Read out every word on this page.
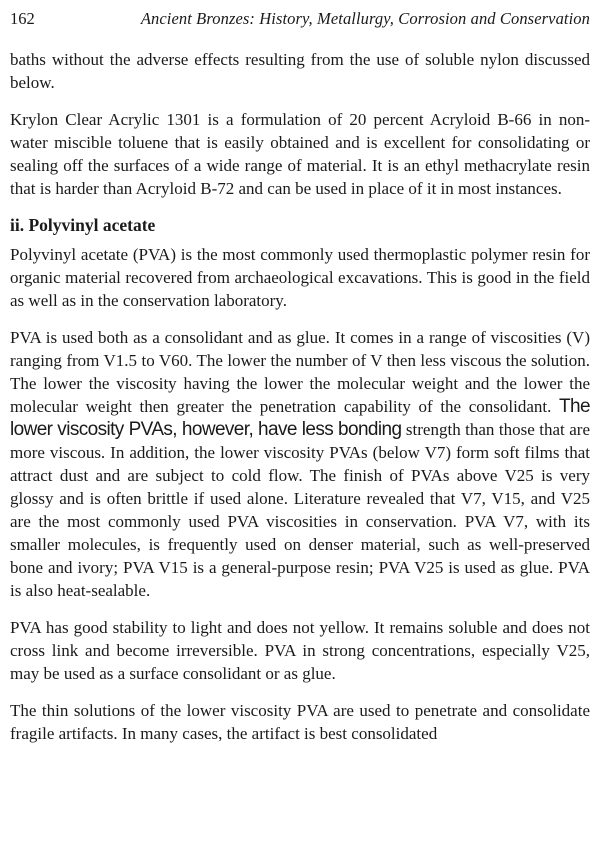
162	Ancient Bronzes: History, Metallurgy, Corrosion and Conservation

baths without the adverse effects resulting from the use of soluble nylon discussed below.

Krylon Clear Acrylic 1301 is a formulation of 20 percent Acryloid B-66 in non-water miscible toluene that is easily obtained and is excellent for consolidating or sealing off the surfaces of a wide range of material. It is an ethyl methacrylate resin that is harder than Acryloid B-72 and can be used in place of it in most instances.

ii. Polyvinyl acetate

Polyvinyl acetate (PVA) is the most commonly used thermoplastic polymer resin for organic material recovered from archaeological excavations. This is good in the field as well as in the conservation laboratory.

PVA is used both as a consolidant and as glue. It comes in a range of viscosities (V) ranging from V1.5 to V60. The lower the number of V then less viscous the solution. The lower the viscosity having the lower the molecular weight and the lower the molecular weight then greater the penetration capability of the consolidant. The lower viscosity PVAs, however, have less bonding strength than those that are more viscous. In addition, the lower viscosity PVAs (below V7) form soft films that attract dust and are subject to cold flow. The finish of PVAs above V25 is very glossy and is often brittle if used alone. Literature revealed that V7, V15, and V25 are the most commonly used PVA viscosities in conservation. PVA V7, with its smaller molecules, is frequently used on denser material, such as well-preserved bone and ivory; PVA V15 is a general-purpose resin; PVA V25 is used as glue. PVA is also heat-sealable.

PVA has good stability to light and does not yellow. It remains soluble and does not cross link and become irreversible. PVA in strong concentrations, especially V25, may be used as a surface consolidant or as glue.

The thin solutions of the lower viscosity PVA are used to penetrate and consolidate fragile artifacts. In many cases, the artifact is best consolidated
